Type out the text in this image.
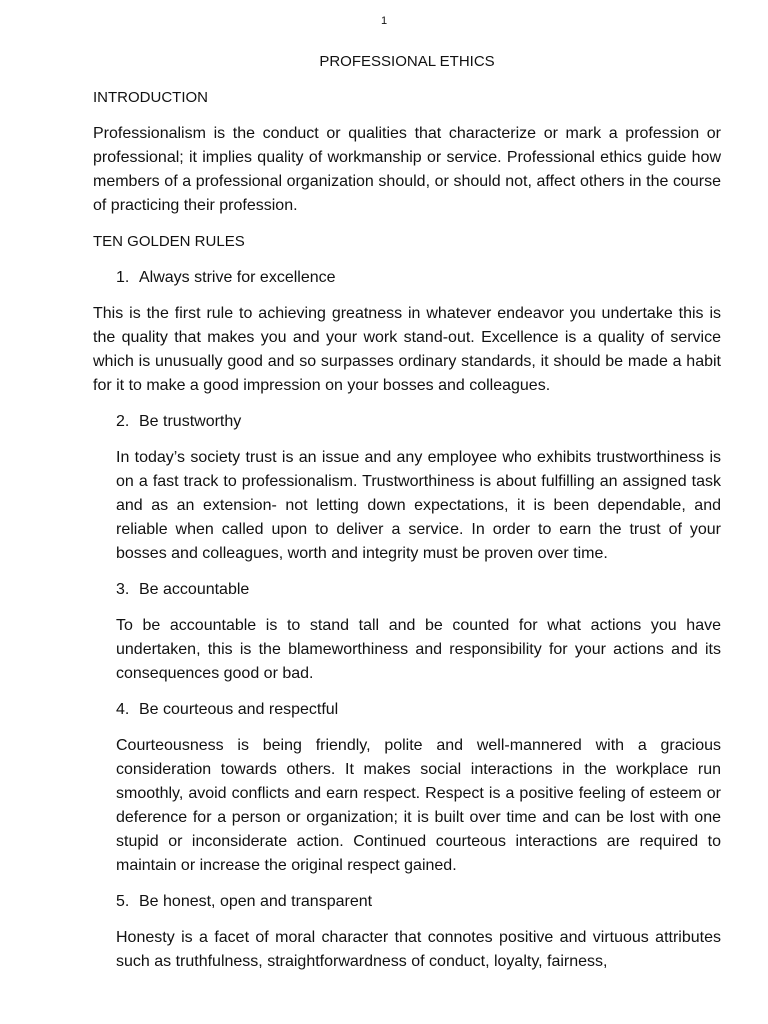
1
PROFESSIONAL ETHICS
INTRODUCTION

Professionalism is the conduct or qualities that characterize or mark a profession or professional; it implies quality of workmanship or service. Professional ethics guide how members of a professional organization should, or should not, affect others in the course of practicing their profession.

TEN GOLDEN RULES
1. Always strive for excellence

This is the first rule to achieving greatness in whatever endeavor you undertake this is the quality that makes you and your work stand-out. Excellence is a quality of service which is unusually good and so surpasses ordinary standards, it should be made a habit for it to make a good impression on your bosses and colleagues.

2. Be trustworthy

In today’s society trust is an issue and any employee who exhibits trustworthiness is on a fast track to professionalism. Trustworthiness is about fulfilling an assigned task and as an extension- not letting down expectations, it is been dependable, and reliable when called upon to deliver a service. In order to earn the trust of your bosses and colleagues, worth and integrity must be proven over time.

3. Be accountable

To be accountable is to stand tall and be counted for what actions you have undertaken, this is the blameworthiness and responsibility for your actions and its consequences good or bad.

4. Be courteous and respectful

Courteousness is being friendly, polite and well-mannered with a gracious consideration towards others. It makes social interactions in the workplace run smoothly, avoid conflicts and earn respect. Respect is a positive feeling of esteem or deference for a person or organization; it is built over time and can be lost with one stupid or inconsiderate action. Continued courteous interactions are required to maintain or increase the original respect gained.

5. Be honest, open and transparent

Honesty is a facet of moral character that connotes positive and virtuous attributes such as truthfulness, straightforwardness of conduct, loyalty, fairness,
